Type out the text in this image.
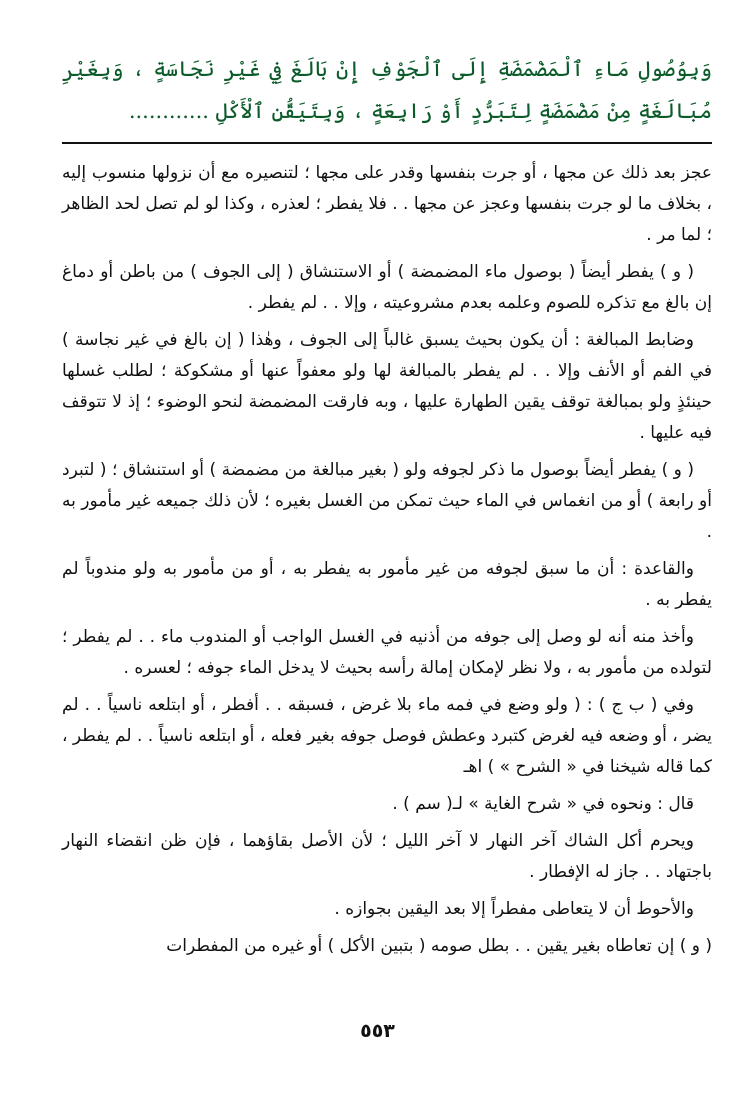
وَبِوُصُولِ مَاءِ ٱلْمَضْمَضَةِ إِلَى ٱلْجَوْفِ إِنْ بَالَغَ فِي غَيْرِ نَجَاسَةٍ ، وَبِغَيْرِ مُبَالَغَةٍ مِنْ مَضْمَضَةٍ لِتَبَرُّدٍ أَوْ رَابِعَةٍ ، وَبِتَيَقُّنِ ٱلْأَكْلِ ............

عجز بعد ذلك عن مجها ، أو جرت بنفسها وقدر على مجها ؛ لتنصيره مع أن نزولها منسوب إليه ، بخلاف ما لو جرت بنفسها وعجز عن مجها . . فلا يفطر ؛ لعذره ، وكذا لو لم تصل لحد الظاهر ؛ لما مر .

( و ) يفطر أيضاً ( بوصول ماء المضمضة ) أو الاستنشاق ( إلى الجوف ) من باطن أو دماغ إن بالغ مع تذكره للصوم وعلمه بعدم مشروعيته ، وإلا . . لم يفطر .

وضابط المبالغة : أن يكون بحيث يسبق غالباً إلى الجوف ، وهٰذا ( إن بالغ في غير نجاسة ) في الفم أو الأنف وإلا . . لم يفطر بالمبالغة لها ولو معفواً عنها أو مشكوكة ؛ لطلب غسلها حينئذٍ ولو بمبالغة توقف يقين الطهارة عليها ، وبه فارقت المضمضة لنحو الوضوء ؛ إذ لا تتوقف فيه عليها .

( و ) يفطر أيضاً بوصول ما ذكر لجوفه ولو ( بغير مبالغة من مضمضة ) أو استنشاق ؛ ( لتبرد أو رابعة ) أو من انغماس في الماء حيث تمكن من الغسل بغيره ؛ لأن ذلك جميعه غير مأمور به .

والقاعدة : أن ما سبق لجوفه من غير مأمور به يفطر به ، أو من مأمور به ولو مندوباً لم يفطر به .

وأخذ منه أنه لو وصل إلى جوفه من أذنيه في الغسل الواجب أو المندوب ماء . . لم يفطر ؛ لتولده من مأمور به ، ولا نظر لإمكان إمالة رأسه بحيث لا يدخل الماء جوفه ؛ لعسره .

وفي ( ب ج ) : ( ولو وضع في فمه ماء بلا غرض ، فسبقه . . أفطر ، أو ابتلعه ناسياً . . لم يضر ، أو وضعه فيه لغرض كتبرد وعطش فوصل جوفه بغير فعله ، أو ابتلعه ناسياً . . لم يفطر ، كما قاله شيخنا في « الشرح » ) اهـ

قال : ونحوه في « شرح الغاية » لـ( سم ) .

ويحرم أكل الشاك آخر النهار لا آخر الليل ؛ لأن الأصل بقاؤهما ، فإن ظن انقضاء النهار باجتهاد . . جاز له الإفطار .

والأحوط أن لا يتعاطى مفطراً إلا بعد اليقين بجوازه .

( و ) إن تعاطاه بغير يقين . . بطل صومه ( بتبين الأكل ) أو غيره من المفطرات

٥٥٣
